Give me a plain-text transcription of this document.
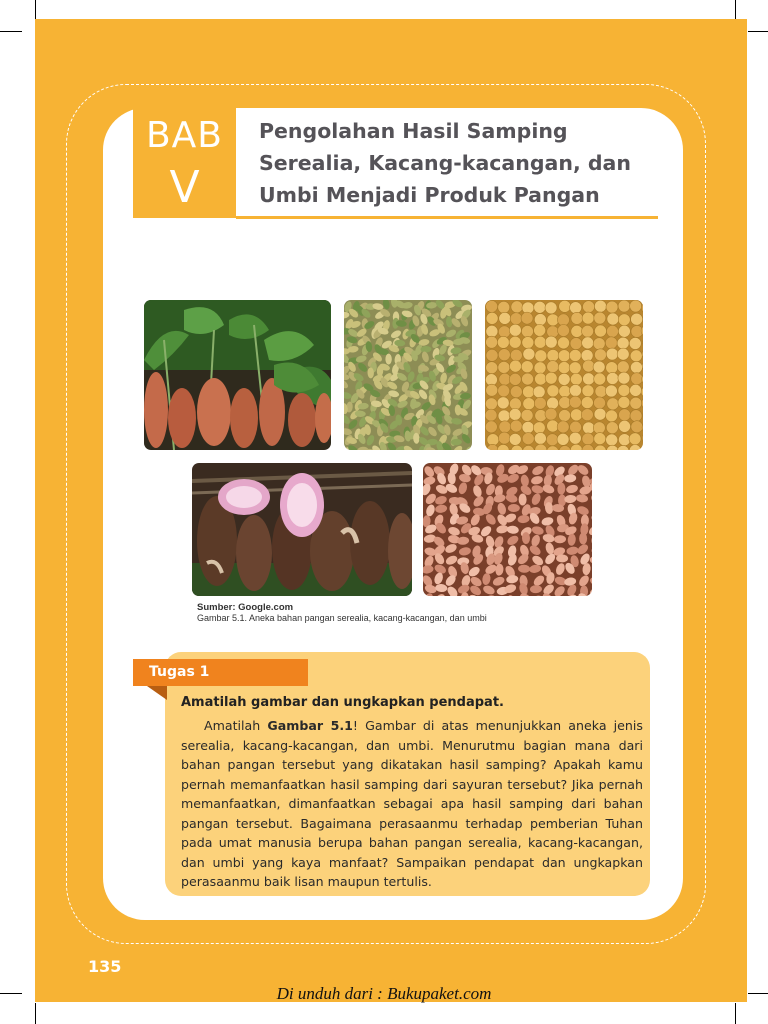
BAB
V
Pengolahan Hasil Samping Serealia, Kacang-kacangan, dan Umbi Menjadi Produk Pangan
Sumber: Google.com
Gambar 5.1. Aneka bahan pangan serealia, kacang-kacangan, dan umbi
Tugas 1
Amatilah gambar dan ungkapkan pendapat.
Amatilah Gambar 5.1! Gambar di atas menunjukkan aneka jenis serealia, kacang-kacangan, dan umbi. Menurutmu bagian mana dari bahan pangan tersebut yang dikatakan hasil samping? Apakah kamu pernah memanfaatkan hasil samping dari sayuran tersebut? Jika pernah memanfaatkan, dimanfaatkan sebagai apa hasil samping dari bahan pangan tersebut. Bagaimana perasaanmu terhadap pemberian Tuhan pada umat manusia berupa bahan pangan serealia, kacang-kacangan, dan umbi yang kaya manfaat? Sampaikan pendapat dan ungkapkan perasaanmu baik lisan maupun tertulis.
135
Di unduh dari : Bukupaket.com
